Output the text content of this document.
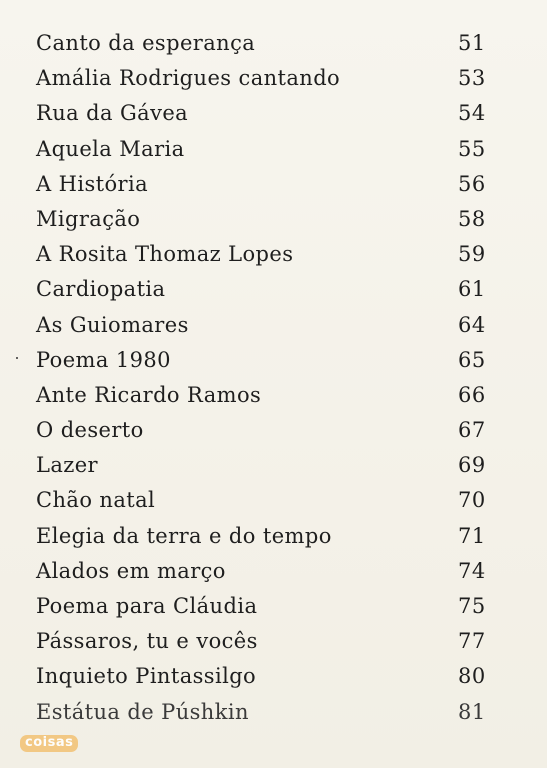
Canto da esperança	51
Amália Rodrigues cantando	53
Rua da Gávea	54
Aquela Maria	55
A História	56
Migração	58
A Rosita Thomaz Lopes	59
Cardiopatia	61
As Guiomares	64
Poema 1980	65
Ante Ricardo Ramos	66
O deserto	67
Lazer	69
Chão natal	70
Elegia da terra e do tempo	71
Alados em março	74
Poema para Cláudia	75
Pássaros, tu e vocês	77
Inquieto Pintassilgo	80
Estátua de Púshkin	81
coisas
